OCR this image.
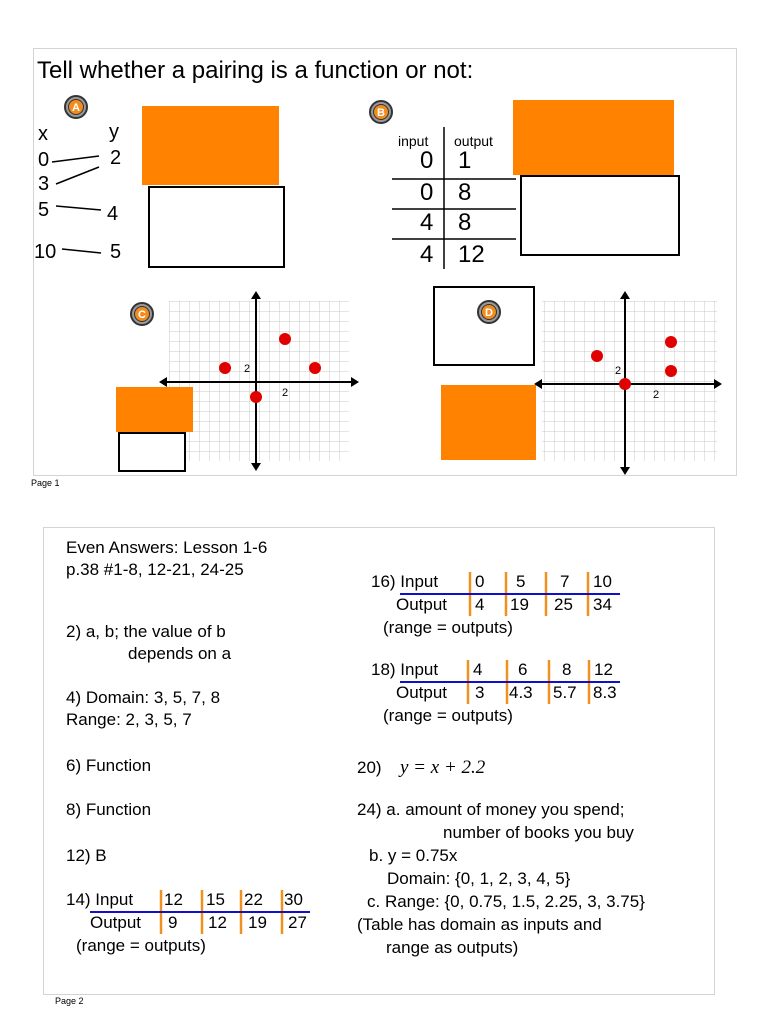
Tell whether a pairing is a function or not:
A
x	y
0
3
5
10
2
4
5
B
input output
0 1
0 8
4 8
4 12
C
2
2
D
2
2
Page 1
Even Answers: Lesson 1-6
p.38 #1-8, 12-21, 24-25
2) a, b; the value of b
depends on a
4) Domain: 3, 5, 7, 8
Range: 2, 3, 5, 7
6) Function
8) Function
12) B
14) Input
Output
12 15 22 30
9 12 19 27
(range = outputs)
16) Input
Output
0 5 7 10
4 19 25 34
(range = outputs)
18) Input
Output
4 6 8 12
3 4.3 5.7 8.3
(range = outputs)
20) y = x + 2.2
24) a. amount of money you spend;
number of books you buy
b. y = 0.75x
Domain: {0, 1, 2, 3, 4, 5}
c. Range: {0, 0.75, 1.5, 2.25, 3, 3.75}
(Table has domain as inputs and
range as outputs)
Page 2
